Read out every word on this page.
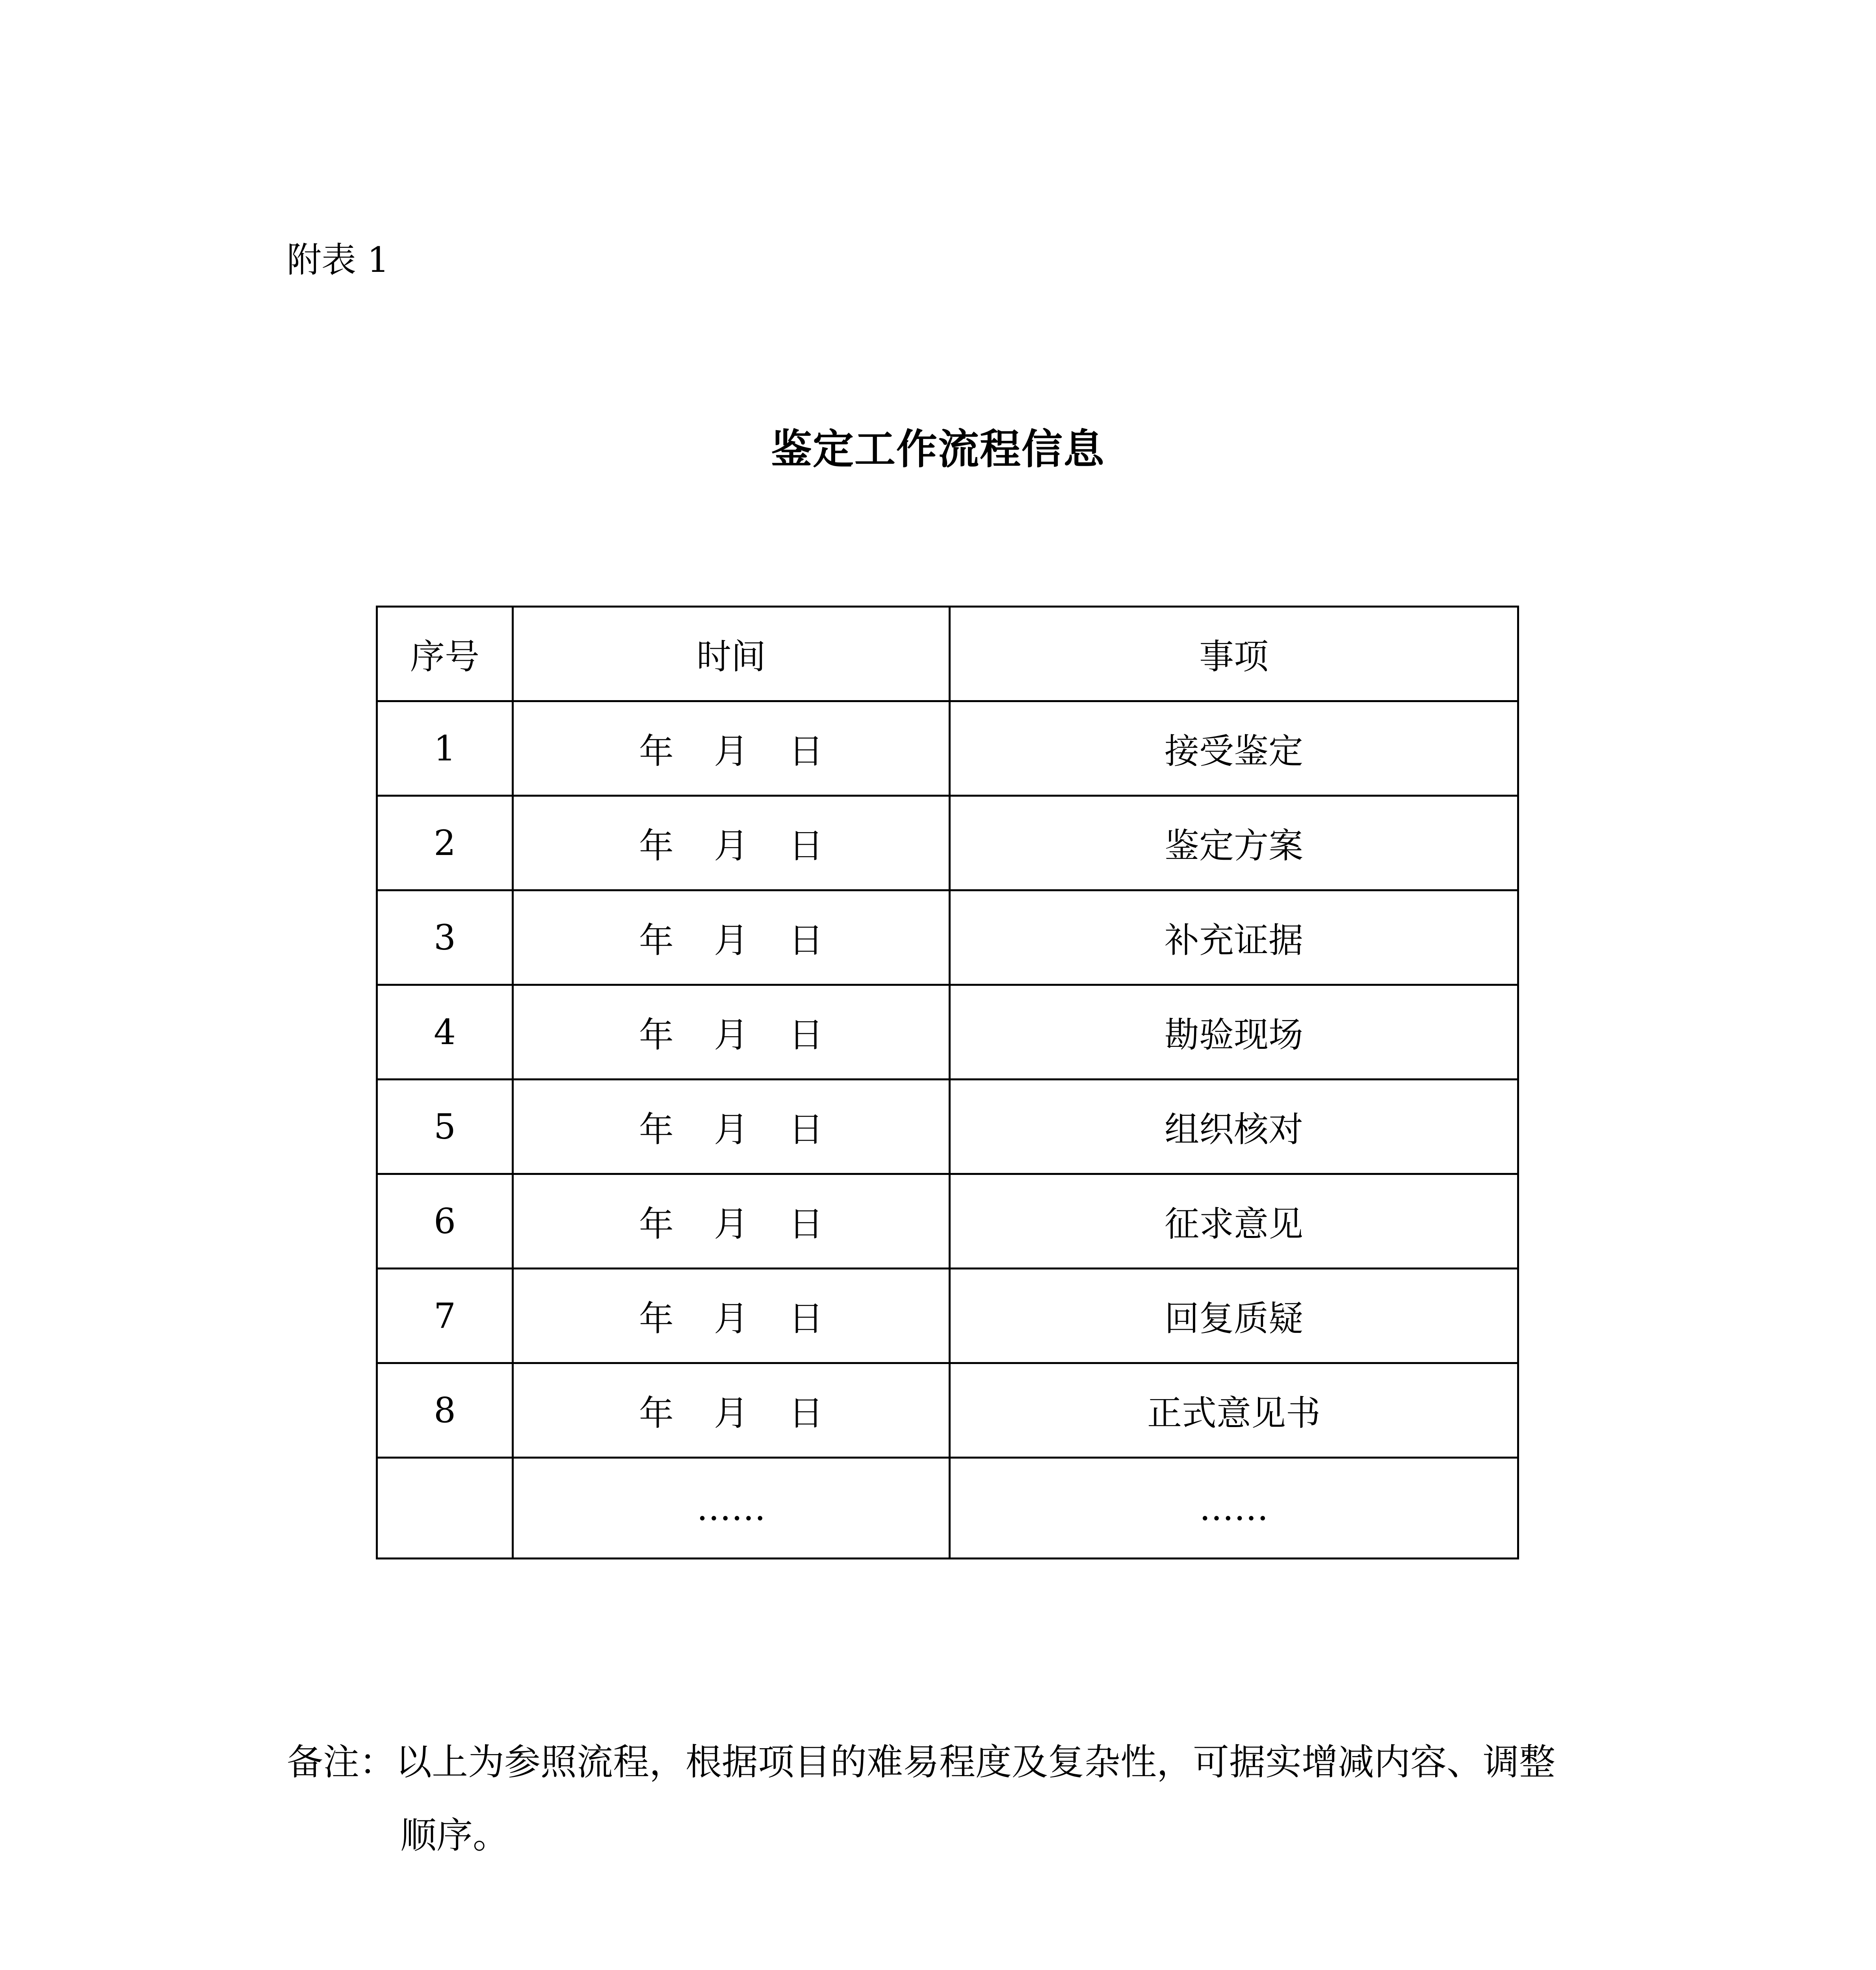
附表 1
鉴定工作流程信息
序号	时间	事项
1	年 月 日	接受鉴定
2	年 月 日	鉴定方案
3	年 月 日	补充证据
4	年 月 日	勘验现场
5	年 月 日	组织核对
6	年 月 日	征求意见
7	年 月 日	回复质疑
8	年 月 日	正式意见书
	……	……
备注：以上为参照流程，根据项目的难易程度及复杂性，可据实增减内容、调整
顺序。
